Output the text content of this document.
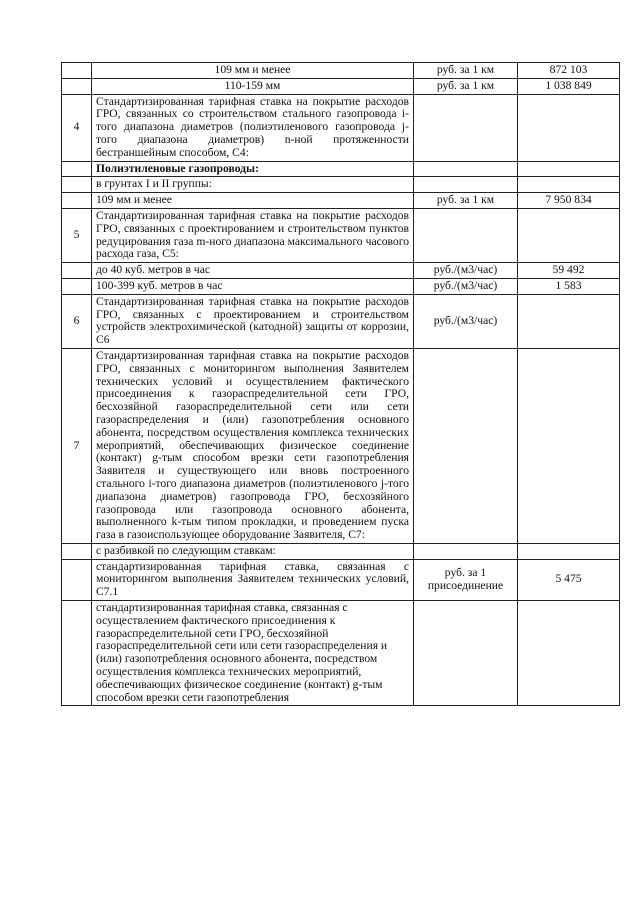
	109 мм и менее	руб. за 1 км	872 103
	110-159 мм	руб. за 1 км	1 038 849
4	Стандартизированная тарифная ставка на покрытие расходов ГРО, связанных со строительством стального газопровода i-того диапазона диаметров (полиэтиленового газопровода j-того диапазона диаметров) n-ной протяженности бестраншейным способом, С4:		
	Полиэтиленовые газопроводы:		
	в грунтах I и II группы:		
	109 мм и менее	руб. за 1 км	7 950 834
5	Стандартизированная тарифная ставка на покрытие расходов ГРО, связанных с проектированием и строительством пунктов редуцирования газа m-ного диапазона максимального часового расхода газа, С5:		
	до 40 куб. метров в час	руб./(м3/час)	59 492
	100-399 куб. метров в час	руб./(м3/час)	1 583
6	Стандартизированная тарифная ставка на покрытие расходов ГРО, связанных с проектированием и строительством устройств электрохимической (катодной) защиты от коррозии, С6	руб./(м3/час)	
7	Стандартизированная тарифная ставка на покрытие расходов ГРО, связанных с мониторингом выполнения Заявителем технических условий и осуществлением фактического присоединения к газораспределительной сети ГРО, бесхозяйной газораспределительной сети или сети газораспределения и (или) газопотребления основного абонента, посредством осуществления комплекса технических мероприятий, обеспечивающих физическое соединение (контакт) g-тым способом врезки сети газопотребления Заявителя и существующего или вновь построенного стального i-того диапазона диаметров (полиэтиленового j-того диапазона диаметров) газопровода ГРО, бесхозяйного газопровода или газопровода основного абонента, выполненного k-тым типом прокладки, и проведением пуска газа в газоиспользующее оборудование Заявителя, С7:		
	с разбивкой по следующим ставкам:		
	стандартизированная тарифная ставка, связанная с мониторингом выполнения Заявителем технических условий, С7.1	руб. за 1 присоединение	5 475
	стандартизированная тарифная ставка, связанная с осуществлением фактического присоединения к газораспределительной сети ГРО, бесхозяйной газораспределительной сети или сети газораспределения и (или) газопотребления основного абонента, посредством осуществления комплекса технических мероприятий, обеспечивающих физическое соединение (контакт) g-тым способом врезки сети газопотребления		
